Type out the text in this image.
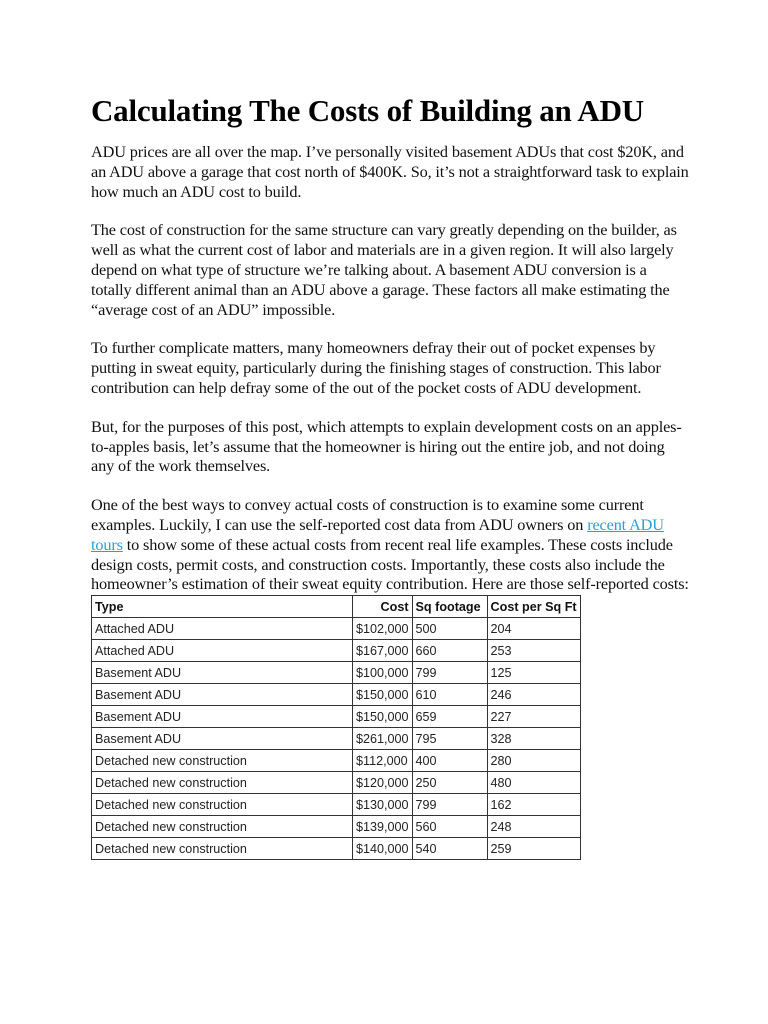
Calculating The Costs of Building an ADU

ADU prices are all over the map. I’ve personally visited basement ADUs that cost $20K, and an ADU above a garage that cost north of $400K. So, it’s not a straightforward task to explain how much an ADU cost to build.

The cost of construction for the same structure can vary greatly depending on the builder, as well as what the current cost of labor and materials are in a given region. It will also largely depend on what type of structure we’re talking about. A basement ADU conversion is a totally different animal than an ADU above a garage. These factors all make estimating the “average cost of an ADU” impossible.

To further complicate matters, many homeowners defray their out of pocket expenses by putting in sweat equity, particularly during the finishing stages of construction. This labor contribution can help defray some of the out of the pocket costs of ADU development.

But, for the purposes of this post, which attempts to explain development costs on an apples-to-apples basis, let’s assume that the homeowner is hiring out the entire job, and not doing any of the work themselves.

One of the best ways to convey actual costs of construction is to examine some current examples. Luckily, I can use the self-reported cost data from ADU owners on recent ADU tours to show some of these actual costs from recent real life examples. These costs include design costs, permit costs, and construction costs. Importantly, these costs also include the homeowner’s estimation of their sweat equity contribution. Here are those self-reported costs:

Type	Cost	Sq footage	Cost per Sq Ft
Attached ADU	$102,000	500	204
Attached ADU	$167,000	660	253
Basement ADU	$100,000	799	125
Basement ADU	$150,000	610	246
Basement ADU	$150,000	659	227
Basement ADU	$261,000	795	328
Detached new construction	$112,000	400	280
Detached new construction	$120,000	250	480
Detached new construction	$130,000	799	162
Detached new construction	$139,000	560	248
Detached new construction	$140,000	540	259
